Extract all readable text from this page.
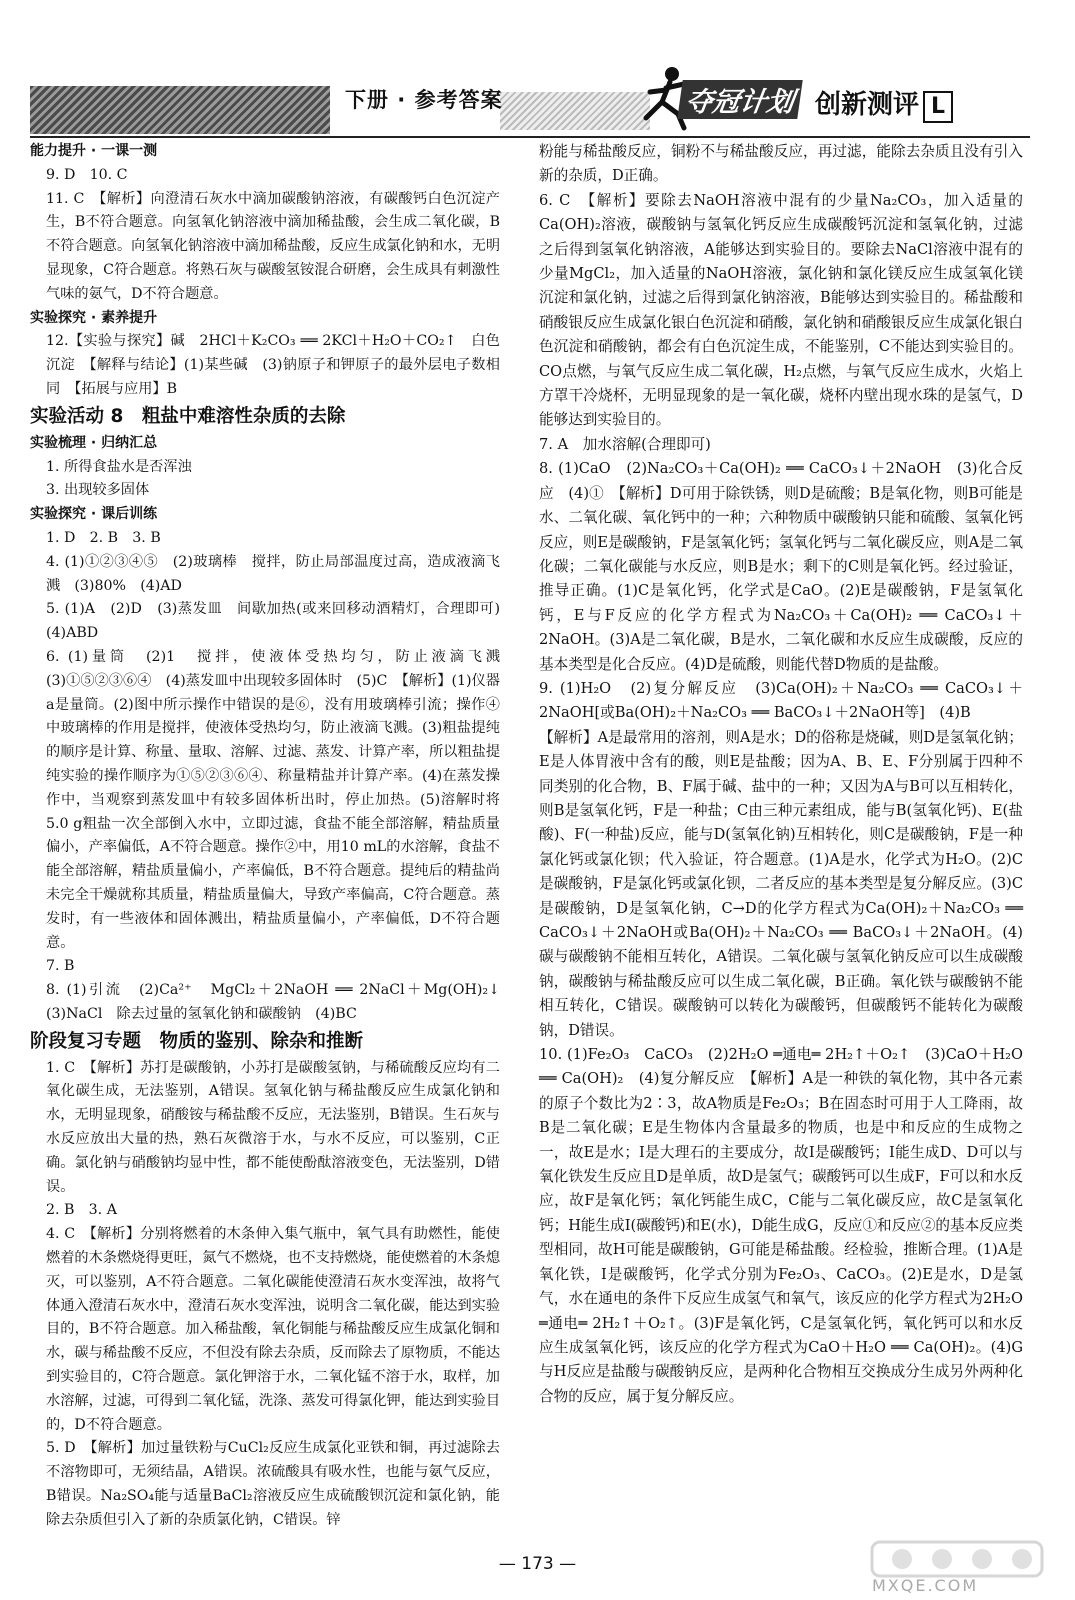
下册 · 参考答案	夺冠计划 创新测评 L

能力提升 · 一课一测

9. D　10. C

11. C　【解析】向澄清石灰水中滴加碳酸钠溶液，有碳酸钙白色沉淀产生，B不符合题意。向氢氧化钠溶液中滴加稀盐酸，会生成二氧化碳，B不符合题意。向氢氧化钠溶液中滴加稀盐酸，反应生成氯化钠和水，无明显现象，C符合题意。将熟石灰与碳酸氢铵混合研磨，会生成具有刺激性气味的氨气，D不符合题意。

实验探究 · 素养提升

12.【实验与探究】碱　2HCl＋K₂CO₃ ══ 2KCl＋H₂O＋CO₂↑　白色沉淀　【解释与结论】(1)某些碱　(3)钠原子和钾原子的最外层电子数相同　【拓展与应用】B

实验活动 8　粗盐中难溶性杂质的去除

实验梳理 · 归纳汇总

1. 所得食盐水是否浑浊

3. 出现较多固体

实验探究 · 课后训练

1. D　2. B　3. B

4. (1)①②③④⑤　(2)玻璃棒　搅拌，防止局部温度过高，造成液滴飞溅　(3)80%　(4)AD

5. (1)A　(2)D　(3)蒸发皿　间歇加热(或来回移动酒精灯，合理即可)　(4)ABD

6. (1)量筒　(2)1　搅拌，使液体受热均匀，防止液滴飞溅　(3)①⑤②③⑥④　(4)蒸发皿中出现较多固体时　(5)C　【解析】(1)仪器a是量筒。(2)图中所示操作中错误的是⑥，没有用玻璃棒引流；操作④中玻璃棒的作用是搅拌，使液体受热均匀，防止液滴飞溅。(3)粗盐提纯的顺序是计算、称量、量取、溶解、过滤、蒸发、计算产率，所以粗盐提纯实验的操作顺序为①⑤②③⑥④、称量精盐并计算产率。(4)在蒸发操作中，当观察到蒸发皿中有较多固体析出时，停止加热。(5)溶解时将5.0 g粗盐一次全部倒入水中，立即过滤，食盐不能全部溶解，精盐质量偏小，产率偏低，A不符合题意。操作②中，用10 mL的水溶解，食盐不能全部溶解，精盐质量偏小，产率偏低，B不符合题意。提纯后的精盐尚未完全干燥就称其质量，精盐质量偏大，导致产率偏高，C符合题意。蒸发时，有一些液体和固体溅出，精盐质量偏小，产率偏低，D不符合题意。

7. B

8. (1)引流　(2)Ca²⁺　MgCl₂＋2NaOH ══ 2NaCl＋Mg(OH)₂↓　(3)NaCl　除去过量的氢氧化钠和碳酸钠　(4)BC

阶段复习专题　物质的鉴别、除杂和推断

1. C　【解析】苏打是碳酸钠，小苏打是碳酸氢钠，与稀硫酸反应均有二氧化碳生成，无法鉴别，A错误。氢氧化钠与稀盐酸反应生成氯化钠和水，无明显现象，硝酸铵与稀盐酸不反应，无法鉴别，B错误。生石灰与水反应放出大量的热，熟石灰微溶于水，与水不反应，可以鉴别，C正确。氯化钠与硝酸钠均显中性，都不能使酚酞溶液变色，无法鉴别，D错误。

2. B　3. A

4. C　【解析】分别将燃着的木条伸入集气瓶中，氧气具有助燃性，能使燃着的木条燃烧得更旺，氮气不燃烧，也不支持燃烧，能使燃着的木条熄灭，可以鉴别，A不符合题意。二氧化碳能使澄清石灰水变浑浊，故将气体通入澄清石灰水中，澄清石灰水变浑浊，说明含二氧化碳，能达到实验目的，B不符合题意。加入稀盐酸，氧化铜能与稀盐酸反应生成氯化铜和水，碳与稀盐酸不反应，不但没有除去杂质，反而除去了原物质，不能达到实验目的，C符合题意。氯化钾溶于水，二氧化锰不溶于水，取样，加水溶解，过滤，可得到二氧化锰，洗涤、蒸发可得氯化钾，能达到实验目的，D不符合题意。

5. D　【解析】加过量铁粉与CuCl₂反应生成氯化亚铁和铜，再过滤除去不溶物即可，无须结晶，A错误。浓硫酸具有吸水性，也能与氨气反应，B错误。Na₂SO₄能与适量BaCl₂溶液反应生成硫酸钡沉淀和氯化钠，能除去杂质但引入了新的杂质氯化钠，C错误。锌

粉能与稀盐酸反应，铜粉不与稀盐酸反应，再过滤，能除去杂质且没有引入新的杂质，D正确。

6. C　【解析】要除去NaOH溶液中混有的少量Na₂CO₃，加入适量的Ca(OH)₂溶液，碳酸钠与氢氧化钙反应生成碳酸钙沉淀和氢氧化钠，过滤之后得到氢氧化钠溶液，A能够达到实验目的。要除去NaCl溶液中混有的少量MgCl₂，加入适量的NaOH溶液，氯化钠和氯化镁反应生成氢氧化镁沉淀和氯化钠，过滤之后得到氯化钠溶液，B能够达到实验目的。稀盐酸和硝酸银反应生成氯化银白色沉淀和硝酸，氯化钠和硝酸银反应生成氯化银白色沉淀和硝酸钠，都会有白色沉淀生成，不能鉴别，C不能达到实验目的。CO点燃，与氧气反应生成二氧化碳，H₂点燃，与氧气反应生成水，火焰上方罩干冷烧杯，无明显现象的是一氧化碳，烧杯内壁出现水珠的是氢气，D能够达到实验目的。

7. A　加水溶解(合理即可)

8. (1)CaO　(2)Na₂CO₃＋Ca(OH)₂ ══ CaCO₃↓＋2NaOH　(3)化合反应　(4)①　【解析】D可用于除铁锈，则D是硫酸；B是氧化物，则B可能是水、二氧化碳、氧化钙中的一种；六种物质中碳酸钠只能和硫酸、氢氧化钙反应，则E是碳酸钠，F是氢氧化钙；氢氧化钙与二氧化碳反应，则A是二氧化碳；二氧化碳能与水反应，则B是水；剩下的C则是氧化钙。经过验证，推导正确。(1)C是氧化钙，化学式是CaO。(2)E是碳酸钠，F是氢氧化钙，E与F反应的化学方程式为Na₂CO₃＋Ca(OH)₂ ══ CaCO₃↓＋2NaOH。(3)A是二氧化碳，B是水，二氧化碳和水反应生成碳酸，反应的基本类型是化合反应。(4)D是硫酸，则能代替D物质的是盐酸。

9. (1)H₂O　(2)复分解反应　(3)Ca(OH)₂＋Na₂CO₃ ══ CaCO₃↓＋2NaOH[或Ba(OH)₂＋Na₂CO₃ ══ BaCO₃↓＋2NaOH等]　(4)B

【解析】A是最常用的溶剂，则A是水；D的俗称是烧碱，则D是氢氧化钠；E是人体胃液中含有的酸，则E是盐酸；因为A、B、E、F分别属于四种不同类别的化合物，B、F属于碱、盐中的一种；又因为A与B可以互相转化，则B是氢氧化钙，F是一种盐；C由三种元素组成，能与B(氢氧化钙)、E(盐酸)、F(一种盐)反应，能与D(氢氧化钠)互相转化，则C是碳酸钠，F是一种氯化钙或氯化钡；代入验证，符合题意。(1)A是水，化学式为H₂O。(2)C是碳酸钠，F是氯化钙或氯化钡，二者反应的基本类型是复分解反应。(3)C是碳酸钠，D是氢氧化钠，C→D的化学方程式为Ca(OH)₂＋Na₂CO₃ ══ CaCO₃↓＋2NaOH或Ba(OH)₂＋Na₂CO₃ ══ BaCO₃↓＋2NaOH。(4)碳与碳酸钠不能相互转化，A错误。二氧化碳与氢氧化钠反应可以生成碳酸钠，碳酸钠与稀盐酸反应可以生成二氧化碳，B正确。氧化铁与碳酸钠不能相互转化，C错误。碳酸钠可以转化为碳酸钙，但碳酸钙不能转化为碳酸钠，D错误。

10. (1)Fe₂O₃　CaCO₃　(2)2H₂O ═通电═ 2H₂↑＋O₂↑　(3)CaO＋H₂O ══ Ca(OH)₂　(4)复分解反应　【解析】A是一种铁的氧化物，其中各元素的原子个数比为2∶3，故A物质是Fe₂O₃；B在固态时可用于人工降雨，故B是二氧化碳；E是生物体内含量最多的物质，也是中和反应的生成物之一，故E是水；I是大理石的主要成分，故I是碳酸钙；I能生成D、D可以与氧化铁发生反应且D是单质，故D是氢气；碳酸钙可以生成F，F可以和水反应，故F是氧化钙；氧化钙能生成C，C能与二氧化碳反应，故C是氢氧化钙；H能生成I(碳酸钙)和E(水)，D能生成G，反应①和反应②的基本反应类型相同，故H可能是碳酸钠，G可能是稀盐酸。经检验，推断合理。(1)A是氧化铁，I是碳酸钙，化学式分别为Fe₂O₃、CaCO₃。(2)E是水，D是氢气，水在通电的条件下反应生成氢气和氧气，该反应的化学方程式为2H₂O ═通电═ 2H₂↑＋O₂↑。(3)F是氧化钙，C是氢氧化钙，氧化钙可以和水反应生成氢氧化钙，该反应的化学方程式为CaO＋H₂O ══ Ca(OH)₂。(4)G与H反应是盐酸与碳酸钠反应，是两种化合物相互交换成分生成另外两种化合物的反应，属于复分解反应。

— 173 —
MXQE.COM
